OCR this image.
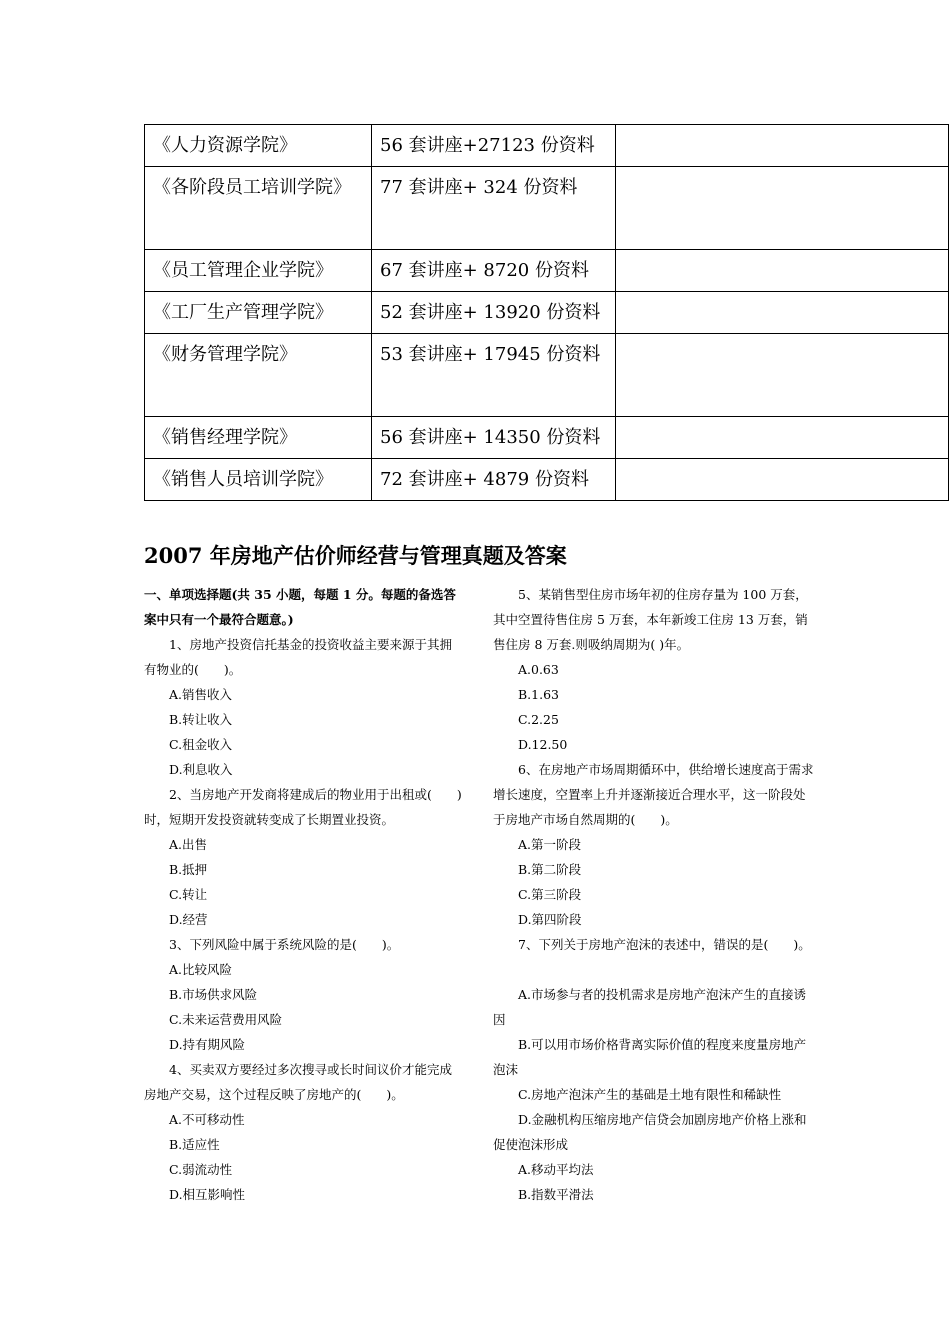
《人力资源学院》	56 套讲座+27123 份资料	
《各阶段员工培训学院》	77 套讲座+ 324 份资料	
《员工管理企业学院》	67 套讲座+ 8720 份资料	
《工厂生产管理学院》	52 套讲座+ 13920 份资料	
《财务管理学院》	53 套讲座+ 17945 份资料	
《销售经理学院》	56 套讲座+ 14350 份资料	
《销售人员培训学院》	72 套讲座+ 4879 份资料	
2007 年房地产估价师经营与管理真题及答案

一、单项选择题(共 35 小题，每题 1 分。每题的备选答案中只有一个最符合题意。)

1、房地产投资信托基金的投资收益主要来源于其拥有物业的(　　)。

A.销售收入

B.转让收入

C.租金收入

D.利息收入

2、当房地产开发商将建成后的物业用于出租或(　　)时，短期开发投资就转变成了长期置业投资。

A.出售

B.抵押

C.转让

D.经营

3、下列风险中属于系统风险的是(　　)。

A.比较风险

B.市场供求风险

C.未来运营费用风险

D.持有期风险

4、买卖双方要经过多次搜寻或长时间议价才能完成房地产交易，这个过程反映了房地产的(　　)。

A.不可移动性

B.适应性

C.弱流动性

D.相互影响性

5、某销售型住房市场年初的住房存量为 100 万套，其中空置待售住房 5 万套，本年新竣工住房 13 万套，销售住房 8 万套.则吸纳周期为( )年。

A.0.63

B.1.63

C.2.25

D.12.50

6、在房地产市场周期循环中，供给增长速度高于需求增长速度，空置率上升并逐渐接近合理水平，这一阶段处于房地产市场自然周期的(　　)。

A.第一阶段

B.第二阶段

C.第三阶段

D.第四阶段

7、下列关于房地产泡沫的表述中，错误的是(　　)。

A.市场参与者的投机需求是房地产泡沫产生的直接诱因

B.可以用市场价格背离实际价值的程度来度量房地产泡沫

C.房地产泡沫产生的基础是土地有限性和稀缺性

D.金融机构压缩房地产信贷会加剧房地产价格上涨和促使泡沫形成

A.移动平均法

B.指数平滑法
